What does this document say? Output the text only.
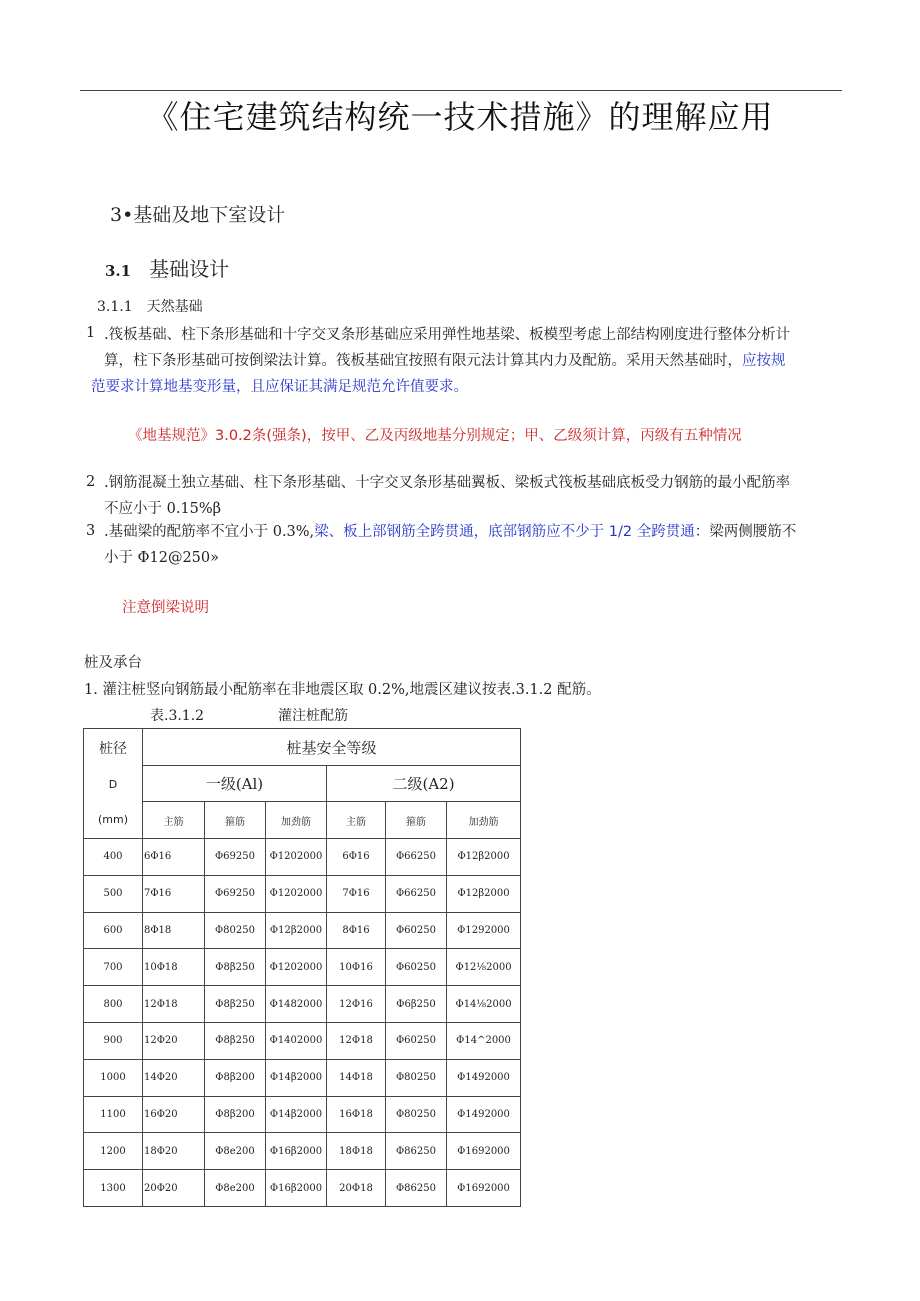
《住宅建筑结构统一技术措施》的理解应用
3•基础及地下室设计
3.1 基础设计
3.1.1　天然基础
1 .筏板基础、柱下条形基础和十字交叉条形基础应采用弹性地基梁、板模型考虑上部结构刚度进行整体分析计
算，柱下条形基础可按倒梁法计算。筏板基础宜按照有限元法计算其内力及配筋。采用天然基础时，应按规
范要求计算地基变形量，且应保证其满足规范允许值要求。
《地基规范》3.0.2条(强条)，按甲、乙及丙级地基分别规定；甲、乙级须计算，丙级有五种情况
2 .钢筋混凝土独立基础、柱下条形基础、十字交叉条形基础翼板、梁板式筏板基础底板受力钢筋的最小配筋率
不应小于 0.15%β
3 .基础梁的配筋率不宜小于 0.3%,梁、板上部钢筋全跨贯通，底部钢筋应不少于 1/2 全跨贯通：梁两侧腰筋不
小于 Φ12@250»
注意倒梁说明
桩及承台
1. 灌注桩竖向钢筋最小配筋率在非地震区取 0.2%,地震区建议按表.3.1.2 配筋。
表.3.1.2	灌注桩配筋
桩径
D
(mm)	桩基安全等级					
	一级(Al)			二级(A2)		
	主筋	箍筋	加劲筋	主筋	箍筋	加劲筋
400	6Φ16	Φ69250	Φ1202000	6Φ16	Φ66250	Φ12β2000
500	7Φ16	Φ69250	Φ1202000	7Φ16	Φ66250	Φ12β2000
600	8Φ18	Φ80250	Φ12β2000	8Φ16	Φ60250	Φ1292000
700	10Φ18	Φ8β250	Φ1202000	10Φ16	Φ60250	Φ12⅛2000
800	12Φ18	Φ8β250	Φ1482000	12Φ16	Φ6β250	Φ14⅛2000
900	12Φ20	Φ8β250	Φ1402000	12Φ18	Φ60250	Φ14^2000
1000	14Φ20	Φ8β200	Φ14β2000	14Φ18	Φ80250	Φ1492000
1100	16Φ20	Φ8β200	Φ14β2000	16Φ18	Φ80250	Φ1492000
1200	18Φ20	Φ8e200	Φ16β2000	18Φ18	Φ86250	Φ1692000
1300	20Φ20	Φ8e200	Φ16β2000	20Φ18	Φ86250	Φ1692000
